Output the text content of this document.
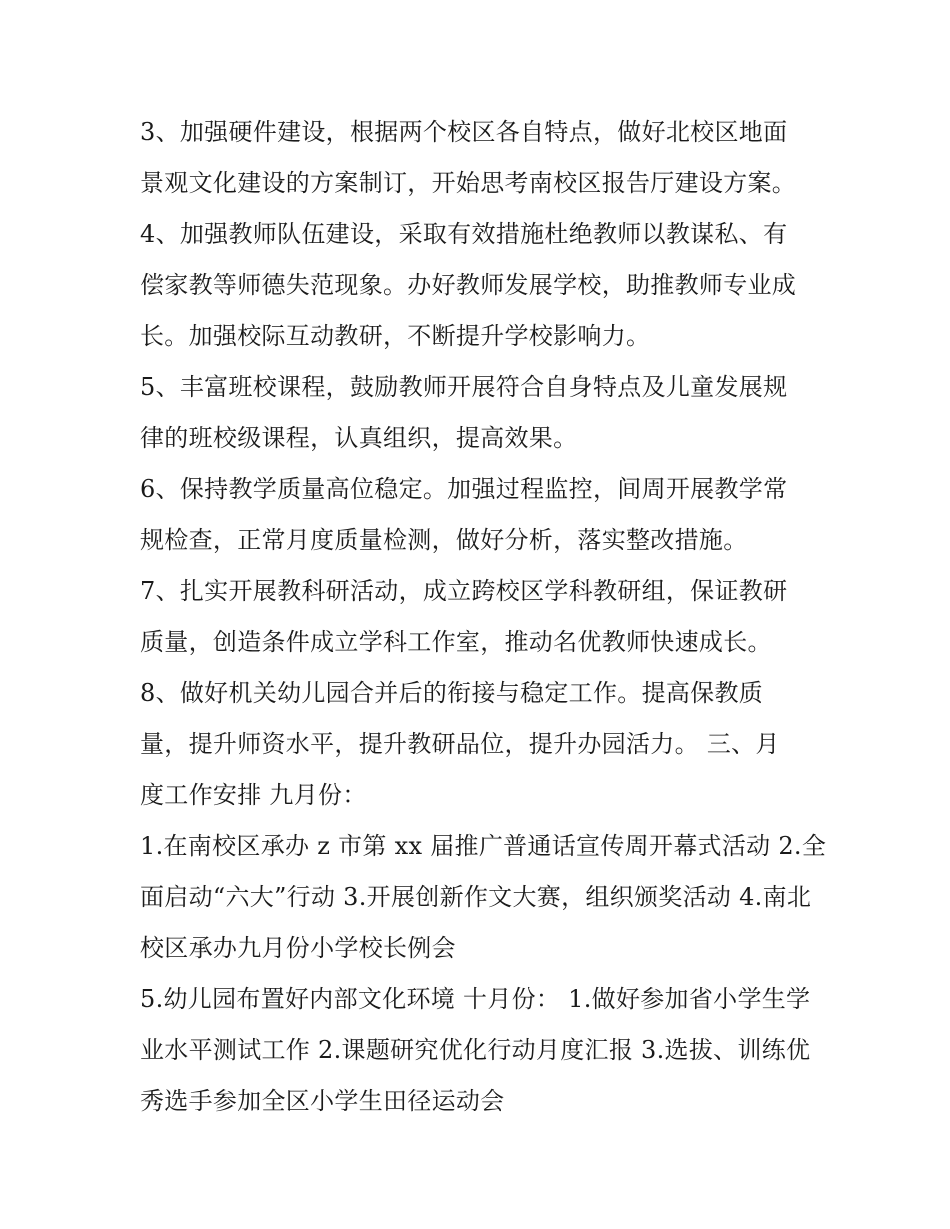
3、加强硬件建设，根据两个校区各自特点，做好北校区地面
景观文化建设的方案制订，开始思考南校区报告厅建设方案。
4、加强教师队伍建设，采取有效措施杜绝教师以教谋私、有
偿家教等师德失范现象。办好教师发展学校，助推教师专业成
长。加强校际互动教研，不断提升学校影响力。
5、丰富班校课程，鼓励教师开展符合自身特点及儿童发展规
律的班校级课程，认真组织，提高效果。
6、保持教学质量高位稳定。加强过程监控，间周开展教学常
规检查，正常月度质量检测，做好分析，落实整改措施。
7、扎实开展教科研活动，成立跨校区学科教研组，保证教研
质量，创造条件成立学科工作室，推动名优教师快速成长。
8、做好机关幼儿园合并后的衔接与稳定工作。提高保教质
量，提升师资水平，提升教研品位，提升办园活力。 三、月
度工作安排 九月份：
1.在南校区承办 z 市第 xx 届推广普通话宣传周开幕式活动 2.全
面启动“六大”行动 3.开展创新作文大赛，组织颁奖活动 4.南北
校区承办九月份小学校长例会
5.幼儿园布置好内部文化环境 十月份： 1.做好参加省小学生学
业水平测试工作 2.课题研究优化行动月度汇报 3.选拔、训练优
秀选手参加全区小学生田径运动会
